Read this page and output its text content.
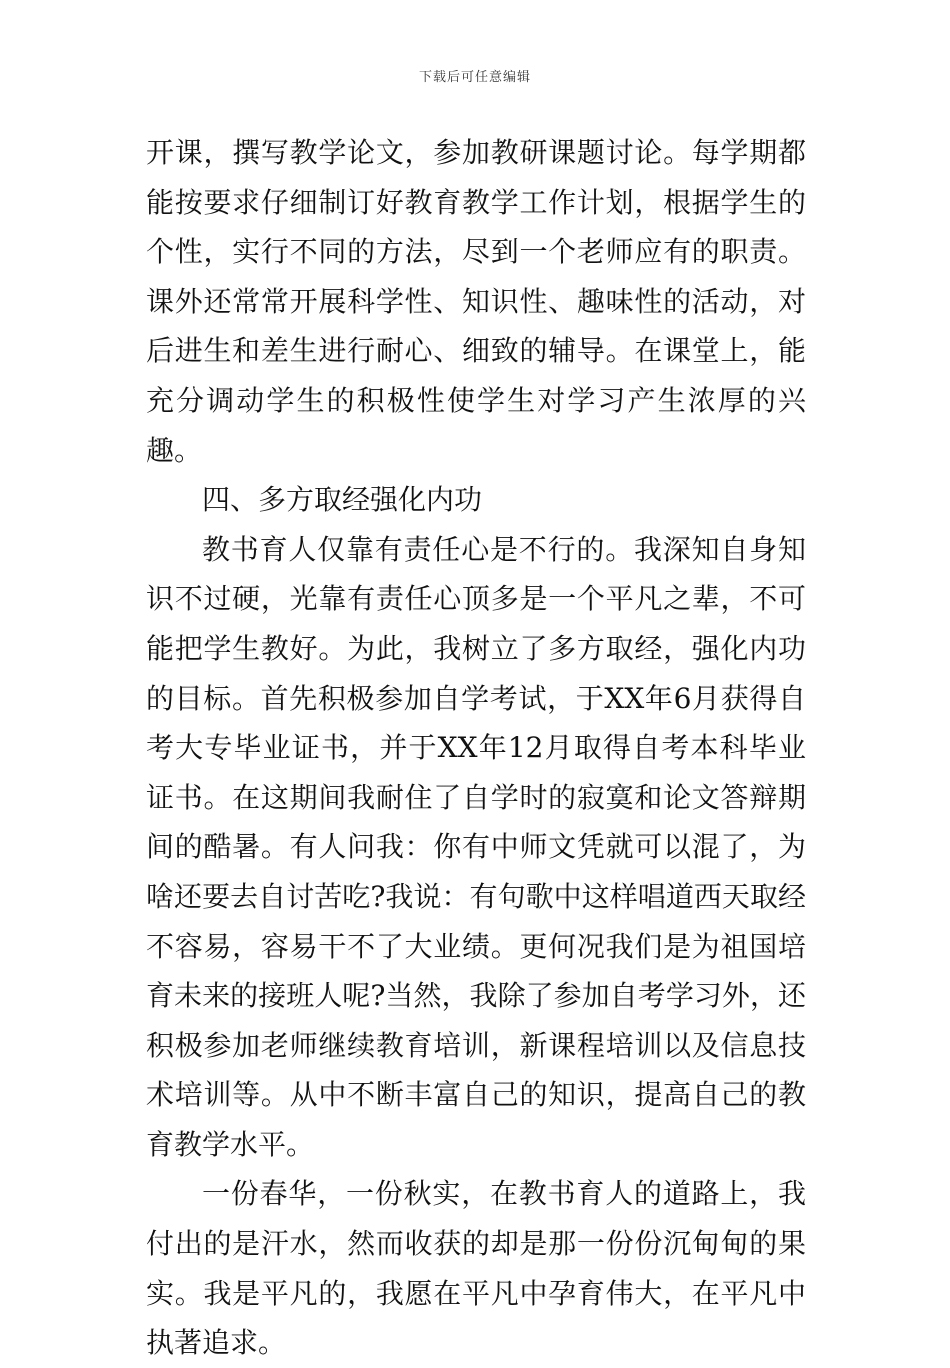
下载后可任意编辑

开课，撰写教学论文，参加教研课题讨论。每学期都能按要求仔细制订好教育教学工作计划，根据学生的个性，实行不同的方法，尽到一个老师应有的职责。课外还常常开展科学性、知识性、趣味性的活动，对后进生和差生进行耐心、细致的辅导。在课堂上，能充分调动学生的积极性使学生对学习产生浓厚的兴趣。

四、多方取经强化内功

教书育人仅靠有责任心是不行的。我深知自身知识不过硬，光靠有责任心顶多是一个平凡之辈，不可能把学生教好。为此，我树立了多方取经，强化内功的目标。首先积极参加自学考试，于XX年6月获得自考大专毕业证书，并于XX年12月取得自考本科毕业证书。在这期间我耐住了自学时的寂寞和论文答辩期间的酷暑。有人问我：你有中师文凭就可以混了，为啥还要去自讨苦吃?我说：有句歌中这样唱道西天取经不容易，容易干不了大业绩。更何况我们是为祖国培育未来的接班人呢?当然，我除了参加自考学习外，还积极参加老师继续教育培训，新课程培训以及信息技术培训等。从中不断丰富自己的知识，提高自己的教育教学水平。

一份春华，一份秋实，在教书育人的道路上，我付出的是汗水，然而收获的却是那一份份沉甸甸的果实。我是平凡的，我愿在平凡中孕育伟大，在平凡中执著追求。
